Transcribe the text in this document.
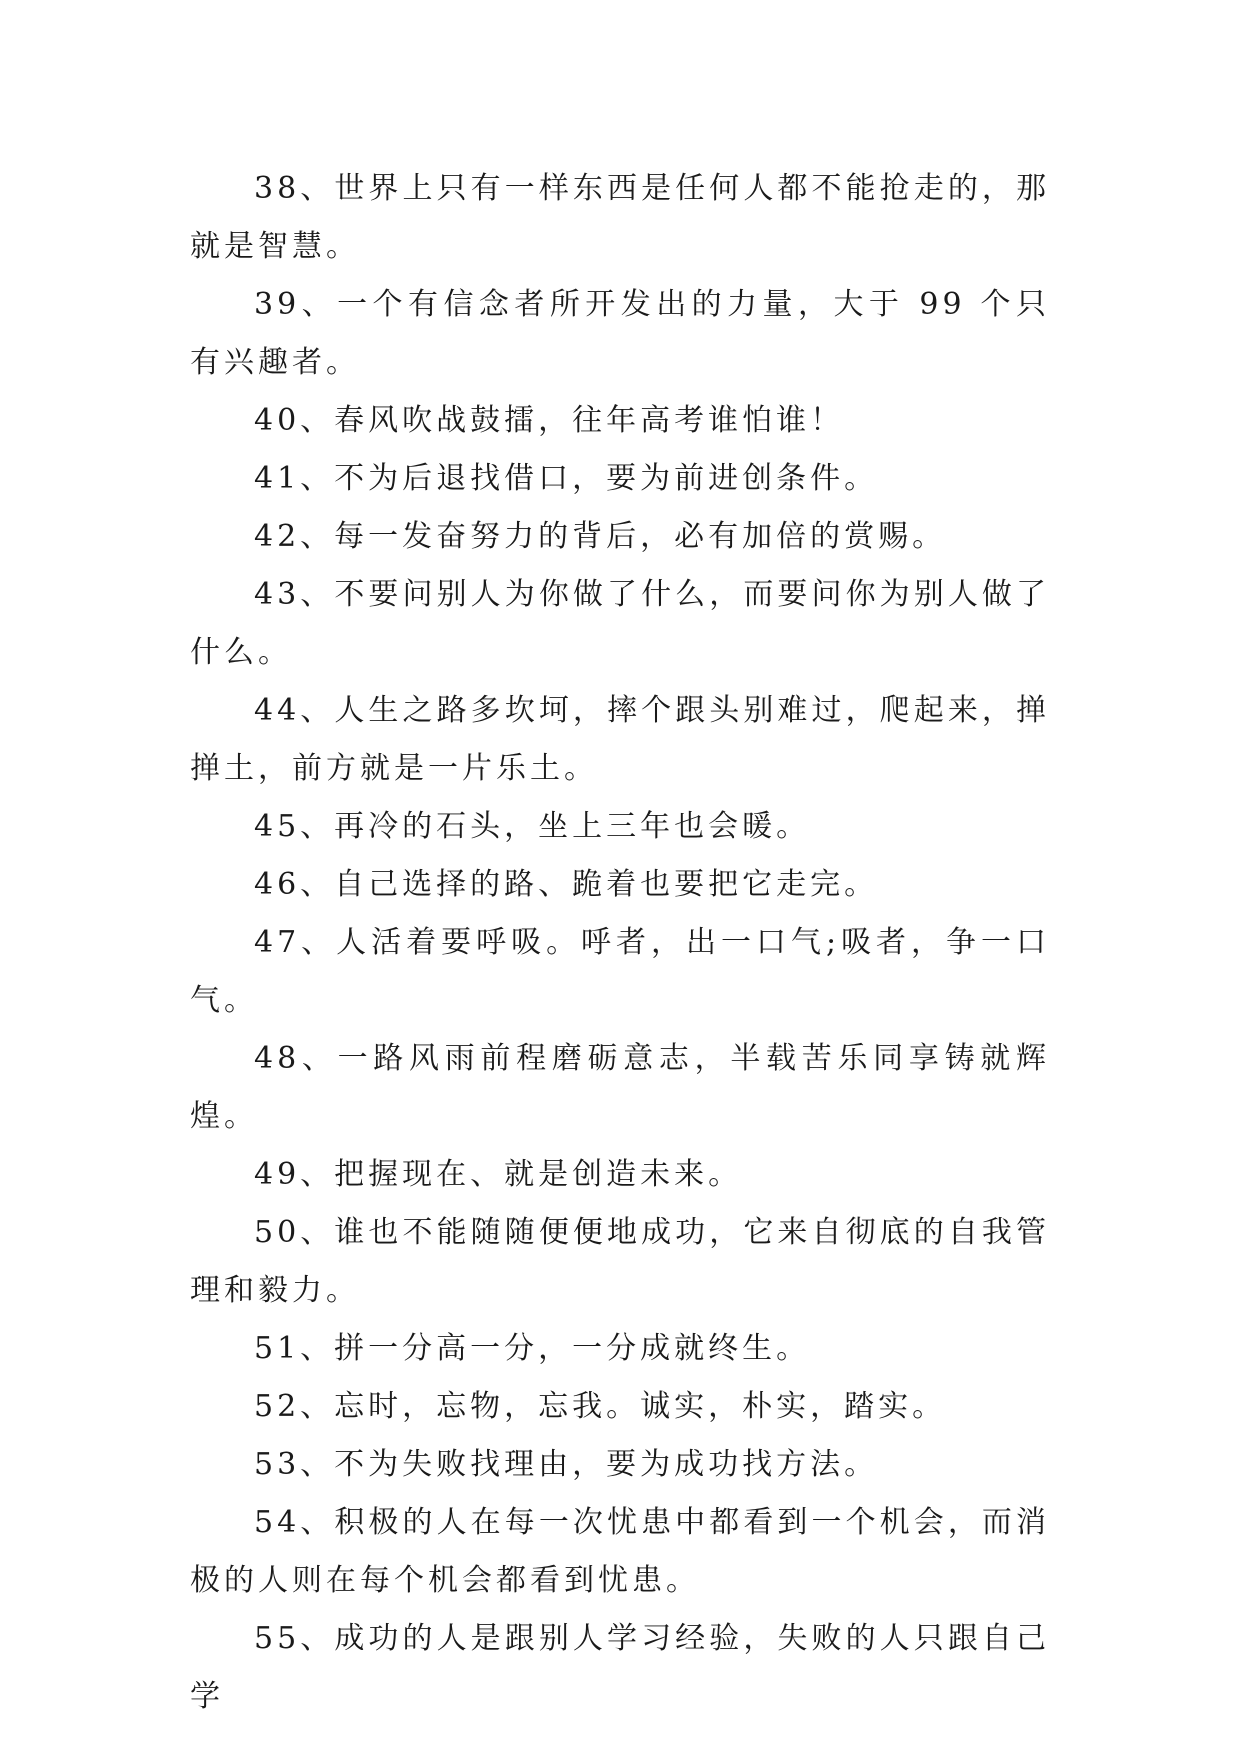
38、世界上只有一样东西是任何人都不能抢走的，那就是智慧。

39、一个有信念者所开发出的力量，大于 99 个只有兴趣者。

40、春风吹战鼓擂，往年高考谁怕谁！

41、不为后退找借口，要为前进创条件。

42、每一发奋努力的背后，必有加倍的赏赐。

43、不要问别人为你做了什么，而要问你为别人做了什么。

44、人生之路多坎坷，摔个跟头别难过，爬起来，掸掸土，前方就是一片乐土。

45、再冷的石头，坐上三年也会暖。

46、自己选择的路、跪着也要把它走完。

47、人活着要呼吸。呼者，出一口气;吸者，争一口气。

48、一路风雨前程磨砺意志，半载苦乐同享铸就辉煌。

49、把握现在、就是创造未来。

50、谁也不能随随便便地成功，它来自彻底的自我管理和毅力。

51、拼一分高一分，一分成就终生。

52、忘时，忘物，忘我。诚实，朴实，踏实。

53、不为失败找理由，要为成功找方法。

54、积极的人在每一次忧患中都看到一个机会，而消极的人则在每个机会都看到忧患。

55、成功的人是跟别人学习经验，失败的人只跟自己学
